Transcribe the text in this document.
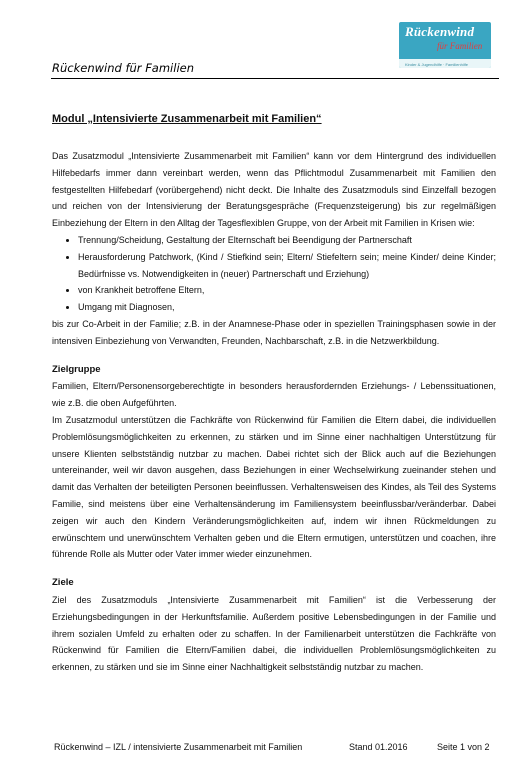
Rückenwind
für Familien
Kinder & Jugendhilfe · Familienhilfe
Rückenwind für Familien
Modul „Intensivierte Zusammenarbeit mit Familien“

Das Zusatzmodul „Intensivierte Zusammenarbeit mit Familien“ kann vor dem Hintergrund des individuellen Hilfebedarfs immer dann vereinbart werden, wenn das Pflichtmodul Zusammenarbeit mit Familien den festgestellten Hilfebedarf (vorübergehend) nicht deckt. Die Inhalte des Zusatzmoduls sind Einzelfall bezogen und reichen von der Intensivierung der Beratungsgespräche (Frequenzsteigerung) bis zur regelmäßigen Einbeziehung der Eltern in den Alltag der Tagesflexiblen Gruppe, von der Arbeit mit Familien in Krisen wie:

• Trennung/Scheidung, Gestaltung der Elternschaft bei Beendigung der Partnerschaft
• Herausforderung Patchwork, (Kind / Stiefkind sein; Eltern/ Stiefeltern sein; meine Kinder/ deine Kinder; Bedürfnisse vs. Notwendigkeiten in (neuer) Partnerschaft und Erziehung)
• von Krankheit betroffene Eltern,
• Umgang mit Diagnosen,

bis zur Co-Arbeit in der Familie; z.B. in der Anamnese-Phase oder in speziellen Trainingsphasen sowie in der intensiven Einbeziehung von Verwandten, Freunden, Nachbarschaft, z.B. in die Netzwerkbildung.

Zielgruppe

Familien, Eltern/Personensorgeberechtigte in besonders herausfordernden Erziehungs- / Lebenssituationen, wie z.B. die oben Aufgeführten.

Im Zusatzmodul unterstützen die Fachkräfte von Rückenwind für Familien die Eltern dabei, die individuellen Problemlösungsmöglichkeiten zu erkennen, zu stärken und im Sinne einer nachhaltigen Unterstützung für unsere Klienten selbstständig nutzbar zu machen. Dabei richtet sich der Blick auch auf die Beziehungen untereinander, weil wir davon ausgehen, dass Beziehungen in einer Wechselwirkung zueinander stehen und damit das Verhalten der beteiligten Personen beeinflussen. Verhaltensweisen des Kindes, als Teil des Systems Familie, sind meistens über eine Verhaltensänderung im Familiensystem beeinflussbar/veränderbar. Dabei zeigen wir auch den Kindern Veränderungsmöglichkeiten auf, indem wir ihnen Rückmeldungen zu erwünschtem und unerwünschtem Verhalten geben und die Eltern ermutigen, unterstützen und coachen, ihre führende Rolle als Mutter oder Vater immer wieder einzunehmen.

Ziele

Ziel des Zusatzmoduls „Intensivierte Zusammenarbeit mit Familien“ ist die Verbesserung der Erziehungsbedingungen in der Herkunftsfamilie. Außerdem positive Lebensbedingungen in der Familie und ihrem sozialen Umfeld zu erhalten oder zu schaffen. In der Familienarbeit unterstützen die Fachkräfte von Rückenwind für Familien die Eltern/Familien dabei, die individuellen Problemlösungsmöglichkeiten zu erkennen, zu stärken und sie im Sinne einer Nachhaltigkeit selbstständig nutzbar zu machen.

Rückenwind – IZL / intensivierte Zusammenarbeit mit Familien	Stand 01.2016	Seite 1 von 2
